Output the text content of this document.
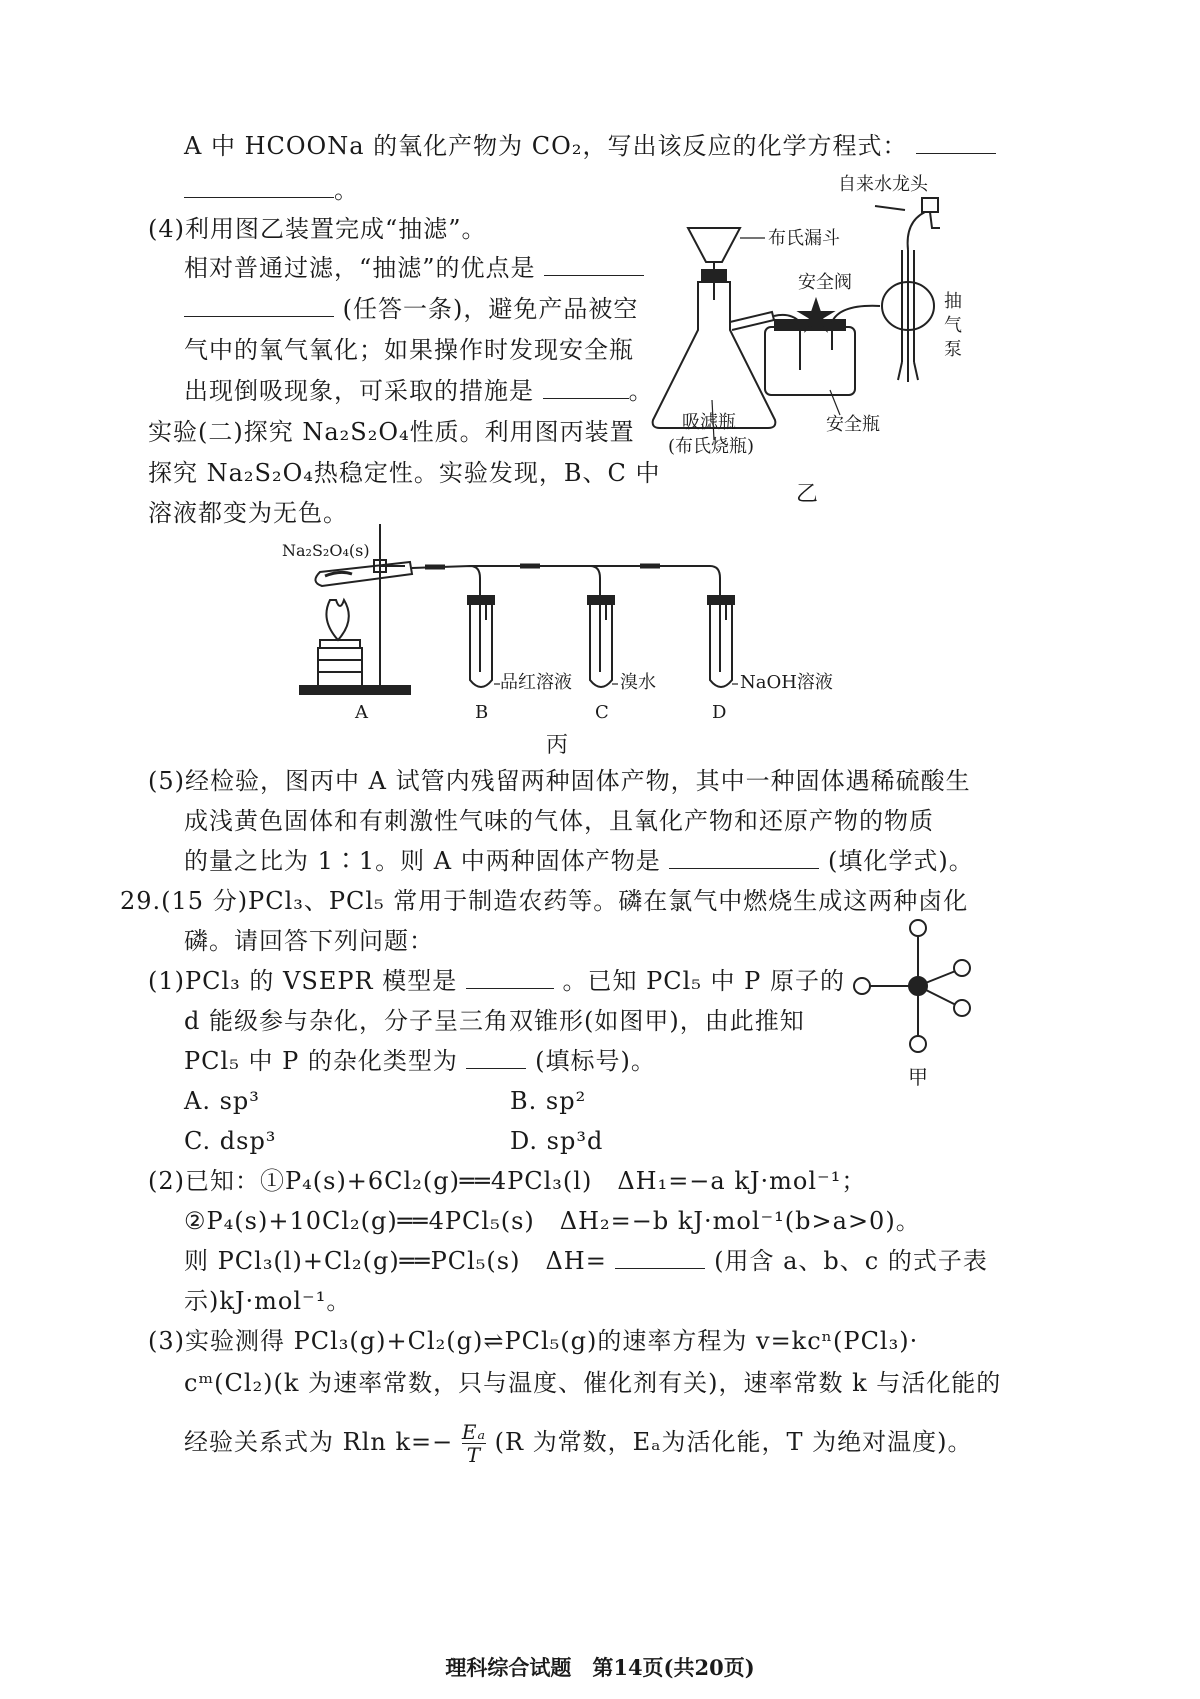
A 中 HCOONa 的氧化产物为 CO₂，写出该反应的化学方程式：
。
(4)利用图乙装置完成“抽滤”。
相对普通过滤，“抽滤”的优点是
(任答一条)，避免产品被空
气中的氧气氧化；如果操作时发现安全瓶
出现倒吸现象，可采取的措施是	。
实验(二)探究 Na₂S₂O₄性质。利用图丙装置
探究 Na₂S₂O₄热稳定性。实验发现，B、C 中
溶液都变为无色。
自来水龙头
布氏漏斗
安全阀
抽
气
泵
吸滤瓶
(布氏烧瓶)
安全瓶
乙
Na₂S₂O₄(s)
A	B	C	D
品红溶液	溴水	NaOH溶液
丙
(5)经检验，图丙中 A 试管内残留两种固体产物，其中一种固体遇稀硫酸生
成浅黄色固体和有刺激性气味的气体，且氧化产物和还原产物的物质
的量之比为 1∶1。则 A 中两种固体产物是	(填化学式)。
29.(15 分)PCl₃、PCl₅ 常用于制造农药等。磷在氯气中燃烧生成这两种卤化
磷。请回答下列问题：
(1)PCl₃ 的 VSEPR 模型是	。已知 PCl₅ 中 P 原子的
d 能级参与杂化，分子呈三角双锥形(如图甲)，由此推知
PCl₅ 中 P 的杂化类型为	(填标号)。
A. sp³	B. sp²
C. dsp³	D. sp³d
甲
(2)已知：①P₄(s)+6Cl₂(g)══4PCl₃(l)　ΔH₁=−a kJ·mol⁻¹；
②P₄(s)+10Cl₂(g)══4PCl₅(s)　ΔH₂=−b kJ·mol⁻¹(b>a>0)。
则 PCl₃(l)+Cl₂(g)══PCl₅(s)　ΔH=	(用含 a、b、c 的式子表
示)kJ·mol⁻¹。
(3)实验测得 PCl₃(g)+Cl₂(g)⇌PCl₅(g)的速率方程为 v=kcⁿ(PCl₃)·
cᵐ(Cl₂)(k 为速率常数，只与温度、催化剂有关)，速率常数 k 与活化能的
经验关系式为 Rln $k=- \frac{\text{Eₐ}}{T} (R$ 为常数，Eₐ为活化能，T 为绝对温度)。
理科综合试题　第14页(共20页)
